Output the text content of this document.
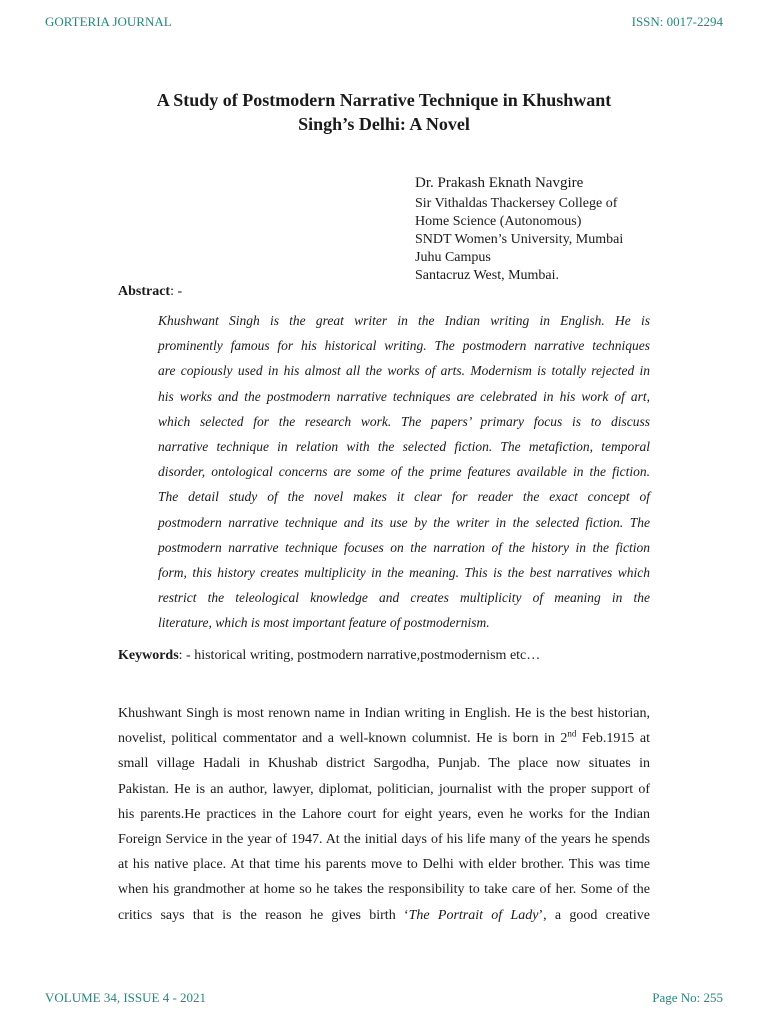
GORTERIA JOURNAL	ISSN: 0017-2294
A Study of Postmodern Narrative Technique in Khushwant
Singh’s Delhi: A Novel
Dr. Prakash Eknath Navgire
Sir Vithaldas Thackersey College of
Home Science (Autonomous)
SNDT Women’s University, Mumbai
Juhu Campus
Santacruz West, Mumbai.
Abstract: -
Khushwant Singh is the great writer in the Indian writing in English. He is
prominently famous for his historical writing. The postmodern narrative techniques
are copiously used in his almost all the works of arts. Modernism is totally rejected in
his works and the postmodern narrative techniques are celebrated in his work of art,
which selected for the research work. The papers’ primary focus is to discuss
narrative technique in relation with the selected fiction. The metafiction, temporal
disorder, ontological concerns are some of the prime features available in the fiction.
The detail study of the novel makes it clear for reader the exact concept of
postmodern narrative technique and its use by the writer in the selected fiction. The
postmodern narrative technique focuses on the narration of the history in the fiction
form, this history creates multiplicity in the meaning. This is the best narratives which
restrict the teleological knowledge and creates multiplicity of meaning in the
literature, which is most important feature of postmodernism.
Keywords: - historical writing, postmodern narrative,postmodernism etc…
Khushwant Singh is most renown name in Indian writing in English. He is the best historian,
novelist, political commentator and a well-known columnist. He is born in 2nd Feb.1915 at
small village Hadali in Khushab district Sargodha, Punjab. The place now situates in
Pakistan. He is an author, lawyer, diplomat, politician, journalist with the proper support of
his parents.He practices in the Lahore court for eight years, even he works for the Indian
Foreign Service in the year of 1947. At the initial days of his life many of the years he spends
at his native place. At that time his parents move to Delhi with elder brother. This was time
when his grandmother at home so he takes the responsibility to take care of her. Some of the
critics says that is the reason he gives birth ‘The Portrait of Lady’, a good creative
VOLUME 34, ISSUE 4 - 2021	Page No: 255
